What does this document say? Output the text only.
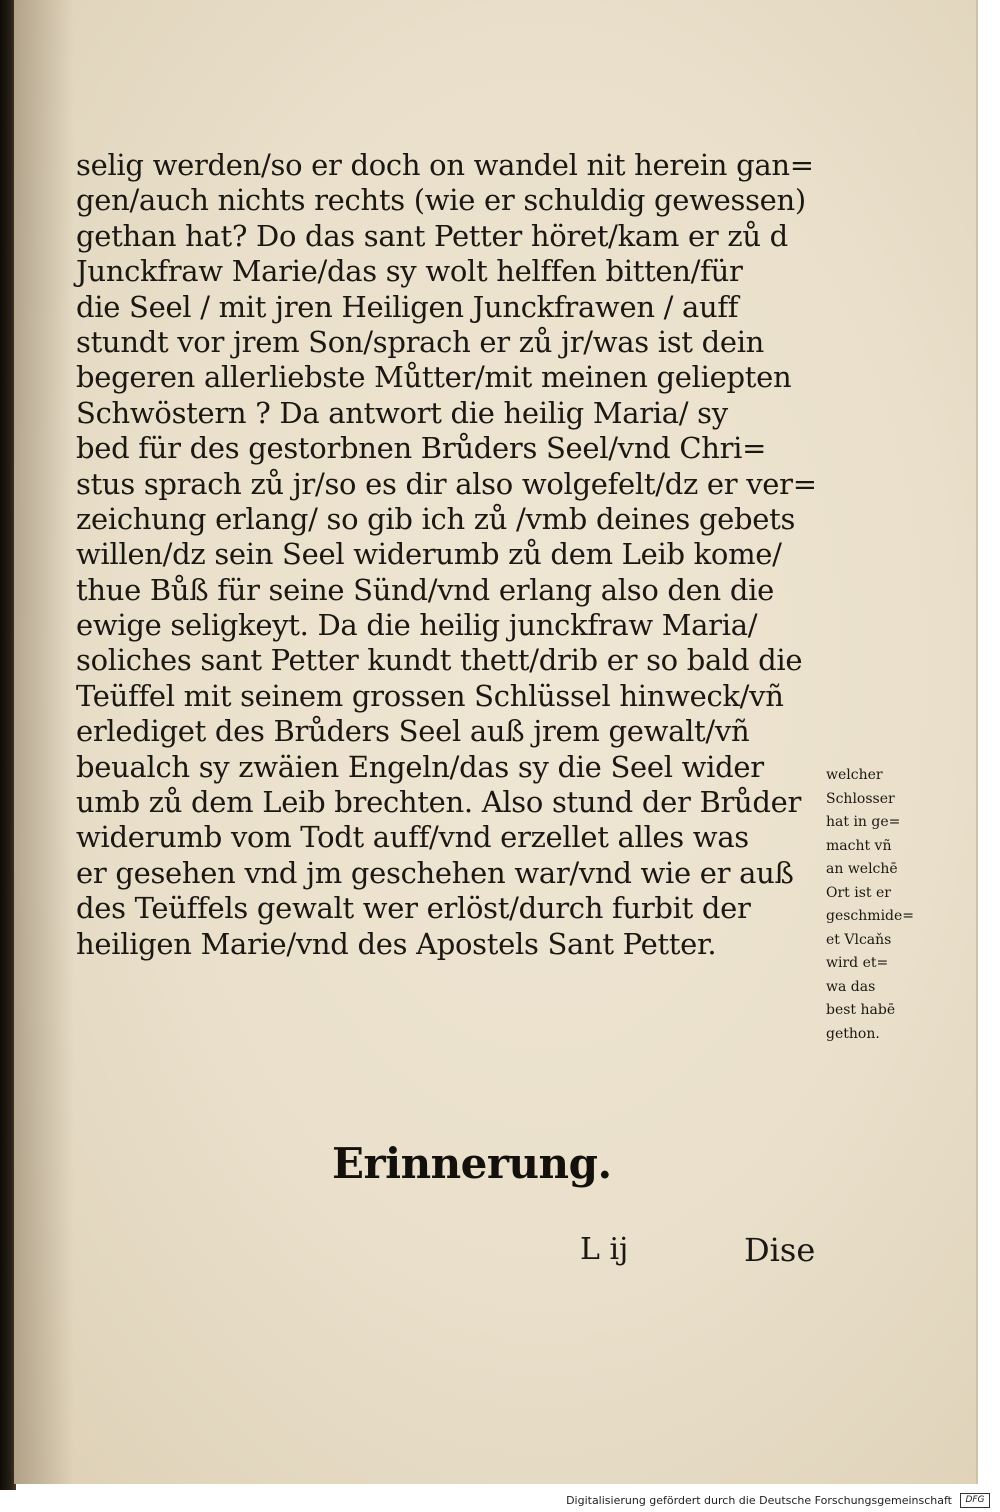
selig werden/so er doch on wandel nit herein gan=
gen/auch nichts rechts (wie er schuldig gewessen)
gethan hat? Do das sant Petter höret/kam er zů d
Junckfraw Marie/das sy wolt helffen bitten/für
die Seel / mit jren Heiligen Junckfrawen / auff
stundt vor jrem Son/sprach er zů jr/was ist dein
begeren allerliebste Můtter/mit meinen geliepten
Schwöstern ? Da antwort die heilig Maria/ sy
bed für des gestorbnen Brůders Seel/vnd Chri=
stus sprach zů jr/so es dir also wolgefelt/dz er ver=
zeichung erlang/ so gib ich zů /vmb deines gebets
willen/dz sein Seel widerumb zů dem Leib kome/
thue Bůß für seine Sünd/vnd erlang also den die
ewige seligkeyt. Da die heilig junckfraw Maria/
soliches sant Petter kundt thett/drib er so bald die
Teüffel mit seinem grossen Schlüssel hinweck/vñ
erlediget des Brůders Seel auß jrem gewalt/vñ
beualch sy zwäien Engeln/das sy die Seel wider
umb zů dem Leib brechten. Also stund der Brůder
widerumb vom Todt auff/vnd erzellet alles was
er gesehen vnd jm geschehen war/vnd wie er auß
des Teüffels gewalt wer erlöst/durch furbit der
heiligen Marie/vnd des Apostels Sant Petter.
welcher
Schlosser
hat in ge=
macht vñ
an welchē
Ort ist er
geschmide=
et Vlcaňs
wird et=
wa das
best habē
gethon.
Erinnerung.
L ij	Dise
Digitalisierung gefördert durch die Deutsche Forschungsgemeinschaft	DFG
